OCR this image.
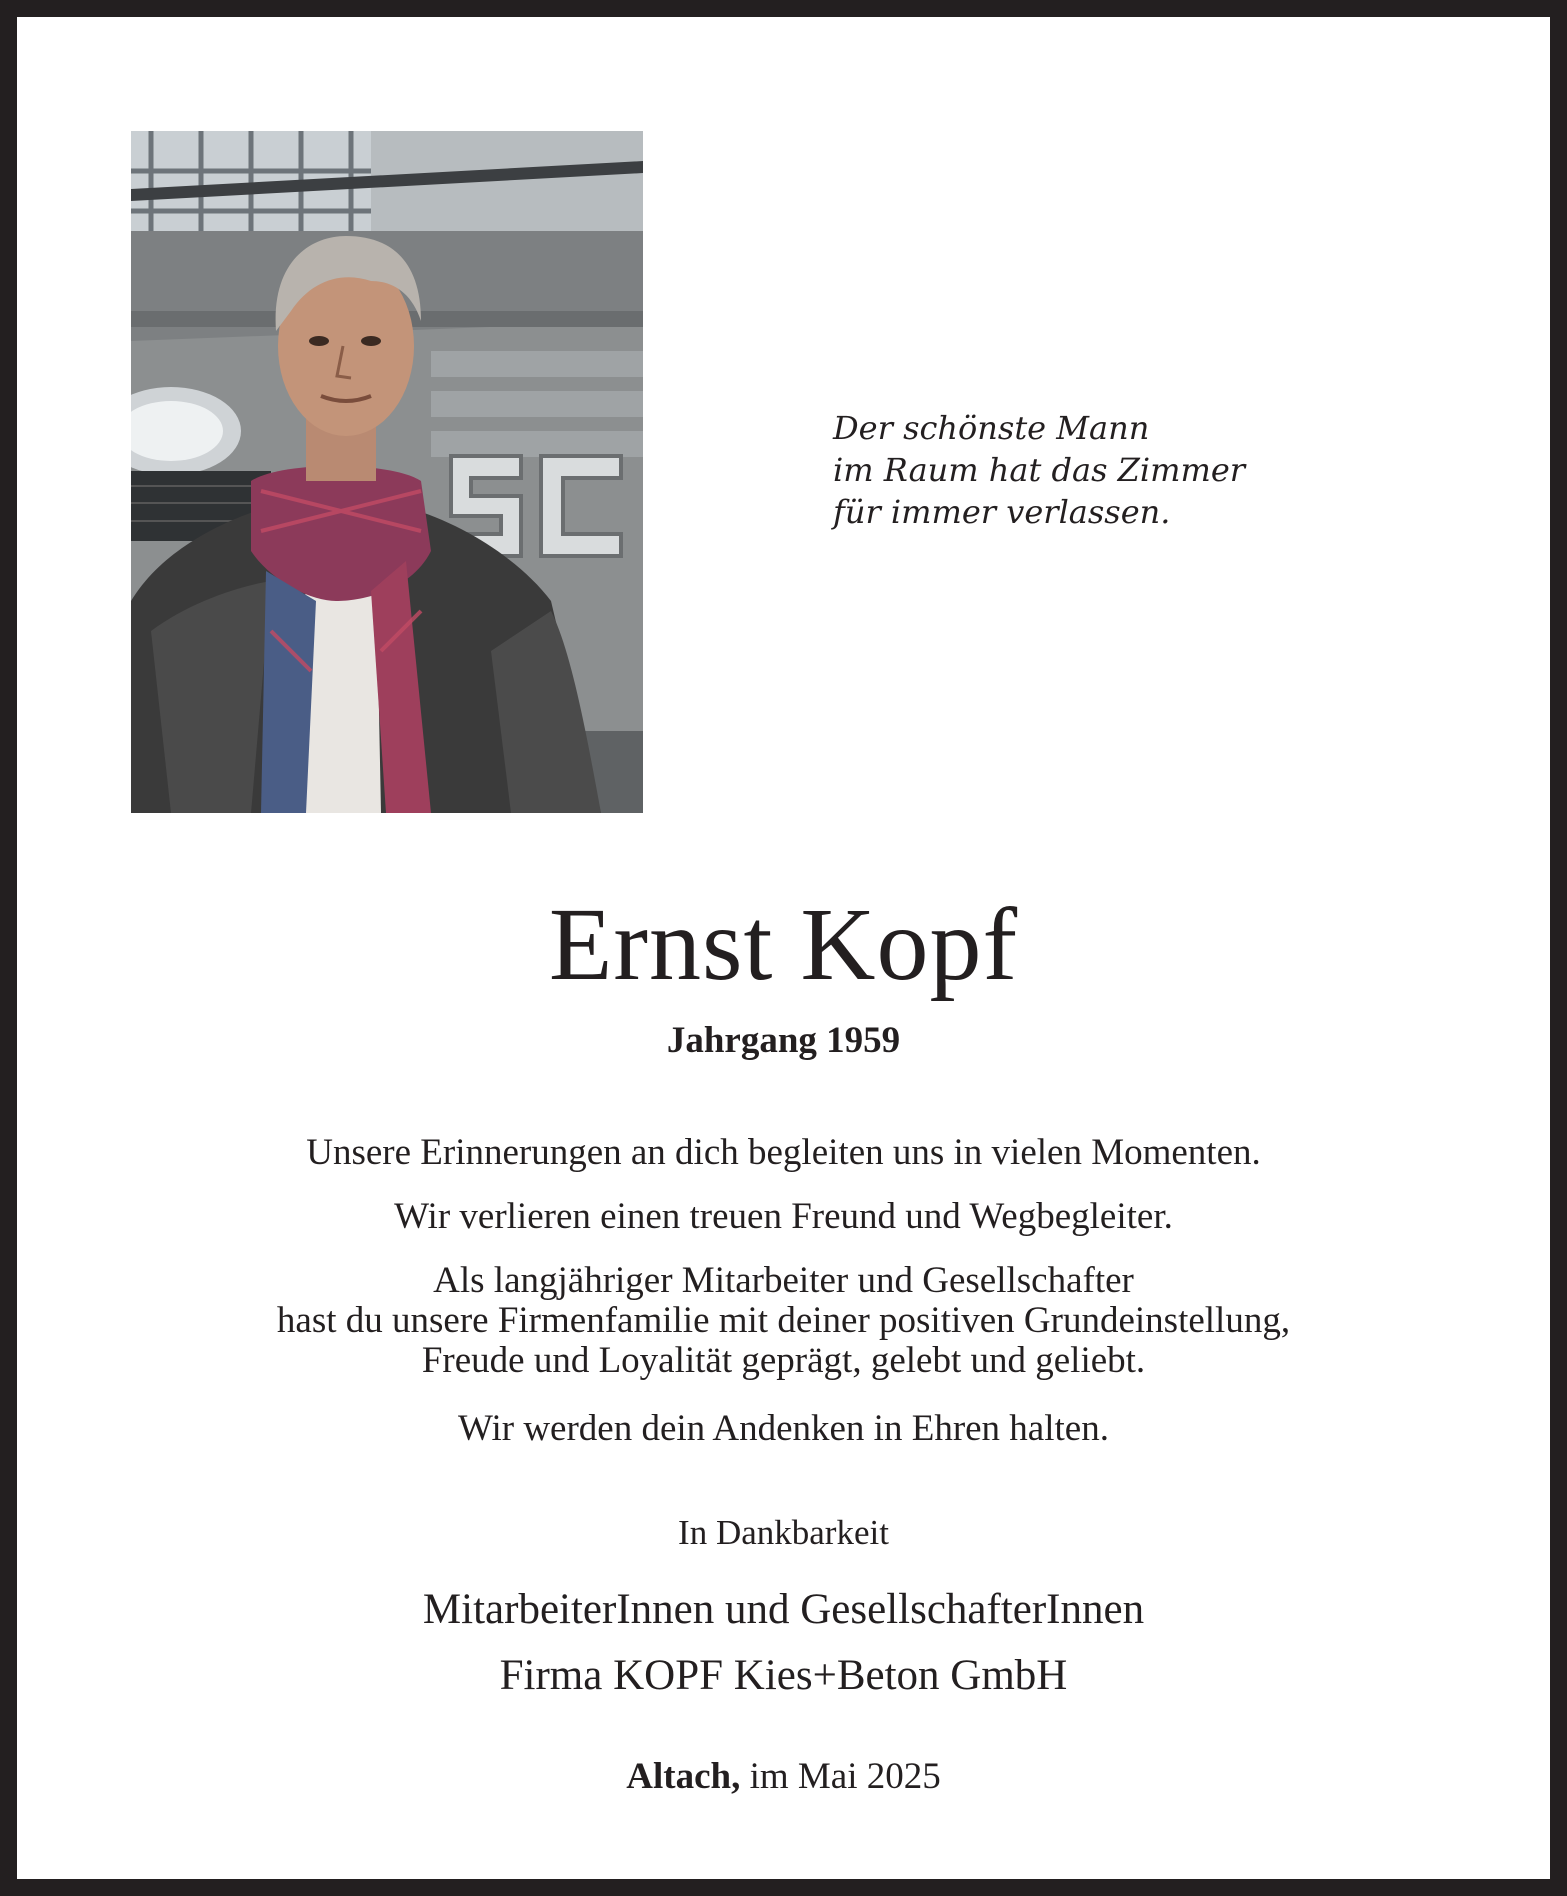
Der schönste Mann
im Raum hat das Zimmer
für immer verlassen.
Ernst Kopf
Jahrgang 1959
Unsere Erinnerungen an dich begleiten uns in vielen Momenten.
Wir verlieren einen treuen Freund und Wegbegleiter.
Als langjähriger Mitarbeiter und Gesellschafter
hast du unsere Firmenfamilie mit deiner positiven Grundeinstellung,
Freude und Loyalität geprägt, gelebt und geliebt.
Wir werden dein Andenken in Ehren halten.
In Dankbarkeit
MitarbeiterInnen und GesellschafterInnen
Firma KOPF Kies+Beton GmbH
Altach, im Mai 2025
